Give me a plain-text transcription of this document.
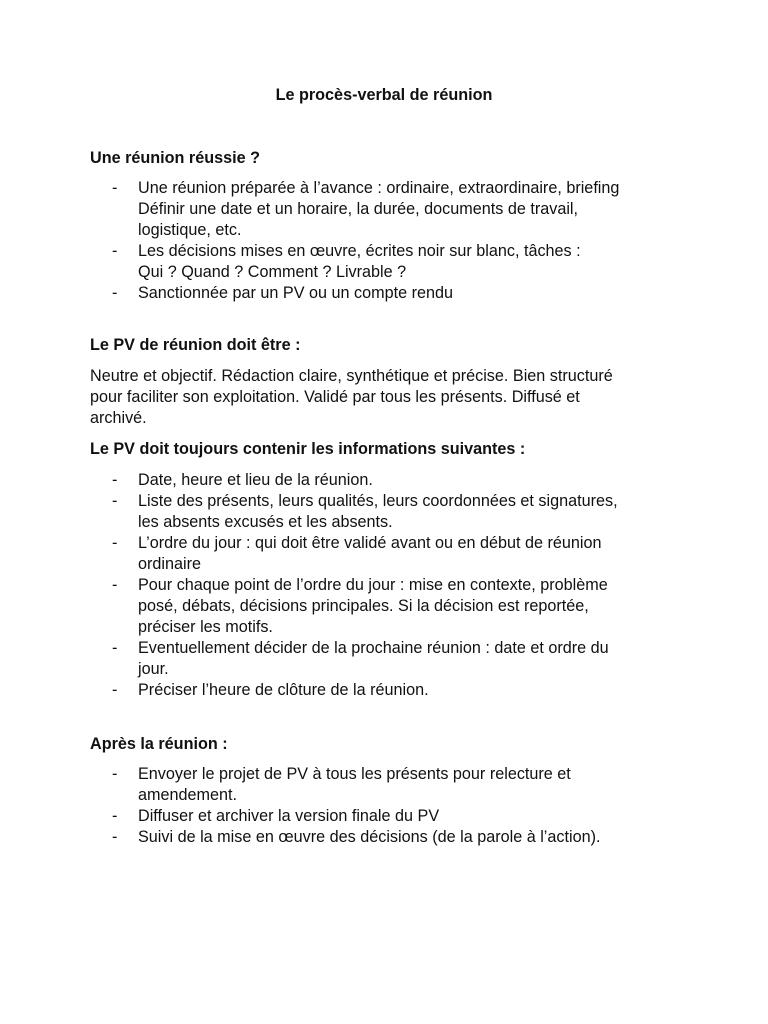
Le procès-verbal de réunion
Une réunion réussie ?
- Une réunion préparée à l’avance : ordinaire, extraordinaire, briefing
Définir une date et un horaire, la durée, documents de travail,
logistique, etc.
- Les décisions mises en œuvre, écrites noir sur blanc, tâches :
Qui ? Quand ? Comment ? Livrable ?
- Sanctionnée par un PV ou un compte rendu
Le PV de réunion doit être :

Neutre et objectif. Rédaction claire, synthétique et précise. Bien structuré
pour faciliter son exploitation. Validé par tous les présents. Diffusé et
archivé.

Le PV doit toujours contenir les informations suivantes :
- Date, heure et lieu de la réunion.
- Liste des présents, leurs qualités, leurs coordonnées et signatures,
les absents excusés et les absents.
- L’ordre du jour : qui doit être validé avant ou en début de réunion
ordinaire
- Pour chaque point de l’ordre du jour : mise en contexte, problème
posé, débats, décisions principales. Si la décision est reportée,
préciser les motifs.
- Eventuellement décider de la prochaine réunion : date et ordre du
jour.
- Préciser l’heure de clôture de la réunion.
Après la réunion :
- Envoyer le projet de PV à tous les présents pour relecture et
amendement.
- Diffuser et archiver la version finale du PV
- Suivi de la mise en œuvre des décisions (de la parole à l’action).
